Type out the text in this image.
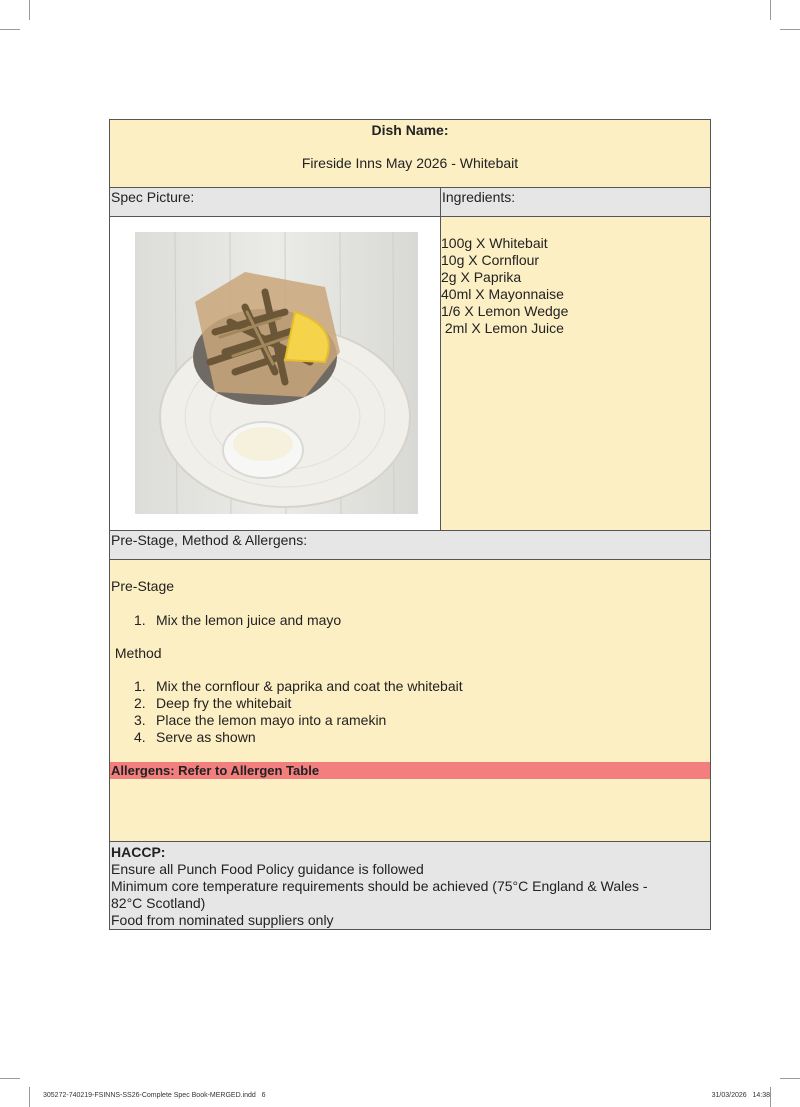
Dish Name:
Fireside Inns May 2026 - Whitebait
Spec Picture:	Ingredients:
100g X Whitebait
10g X Cornflour
2g X Paprika
40ml X Mayonnaise
1/6 X Lemon Wedge
2ml X Lemon Juice
Pre-Stage, Method & Allergens:
Pre-Stage
1. Mix the lemon juice and mayo
Method
1. Mix the cornflour & paprika and coat the whitebait
2. Deep fry the whitebait
3. Place the lemon mayo into a ramekin
4. Serve as shown
Allergens: Refer to Allergen Table
HACCP:
Ensure all Punch Food Policy guidance is followed
Minimum core temperature requirements should be achieved (75°C England & Wales -
82°C Scotland)
Food from nominated suppliers only
305272-740219-FSINNS-SS26-Complete Spec Book-MERGED.indd   6	31/03/2026   14:38
